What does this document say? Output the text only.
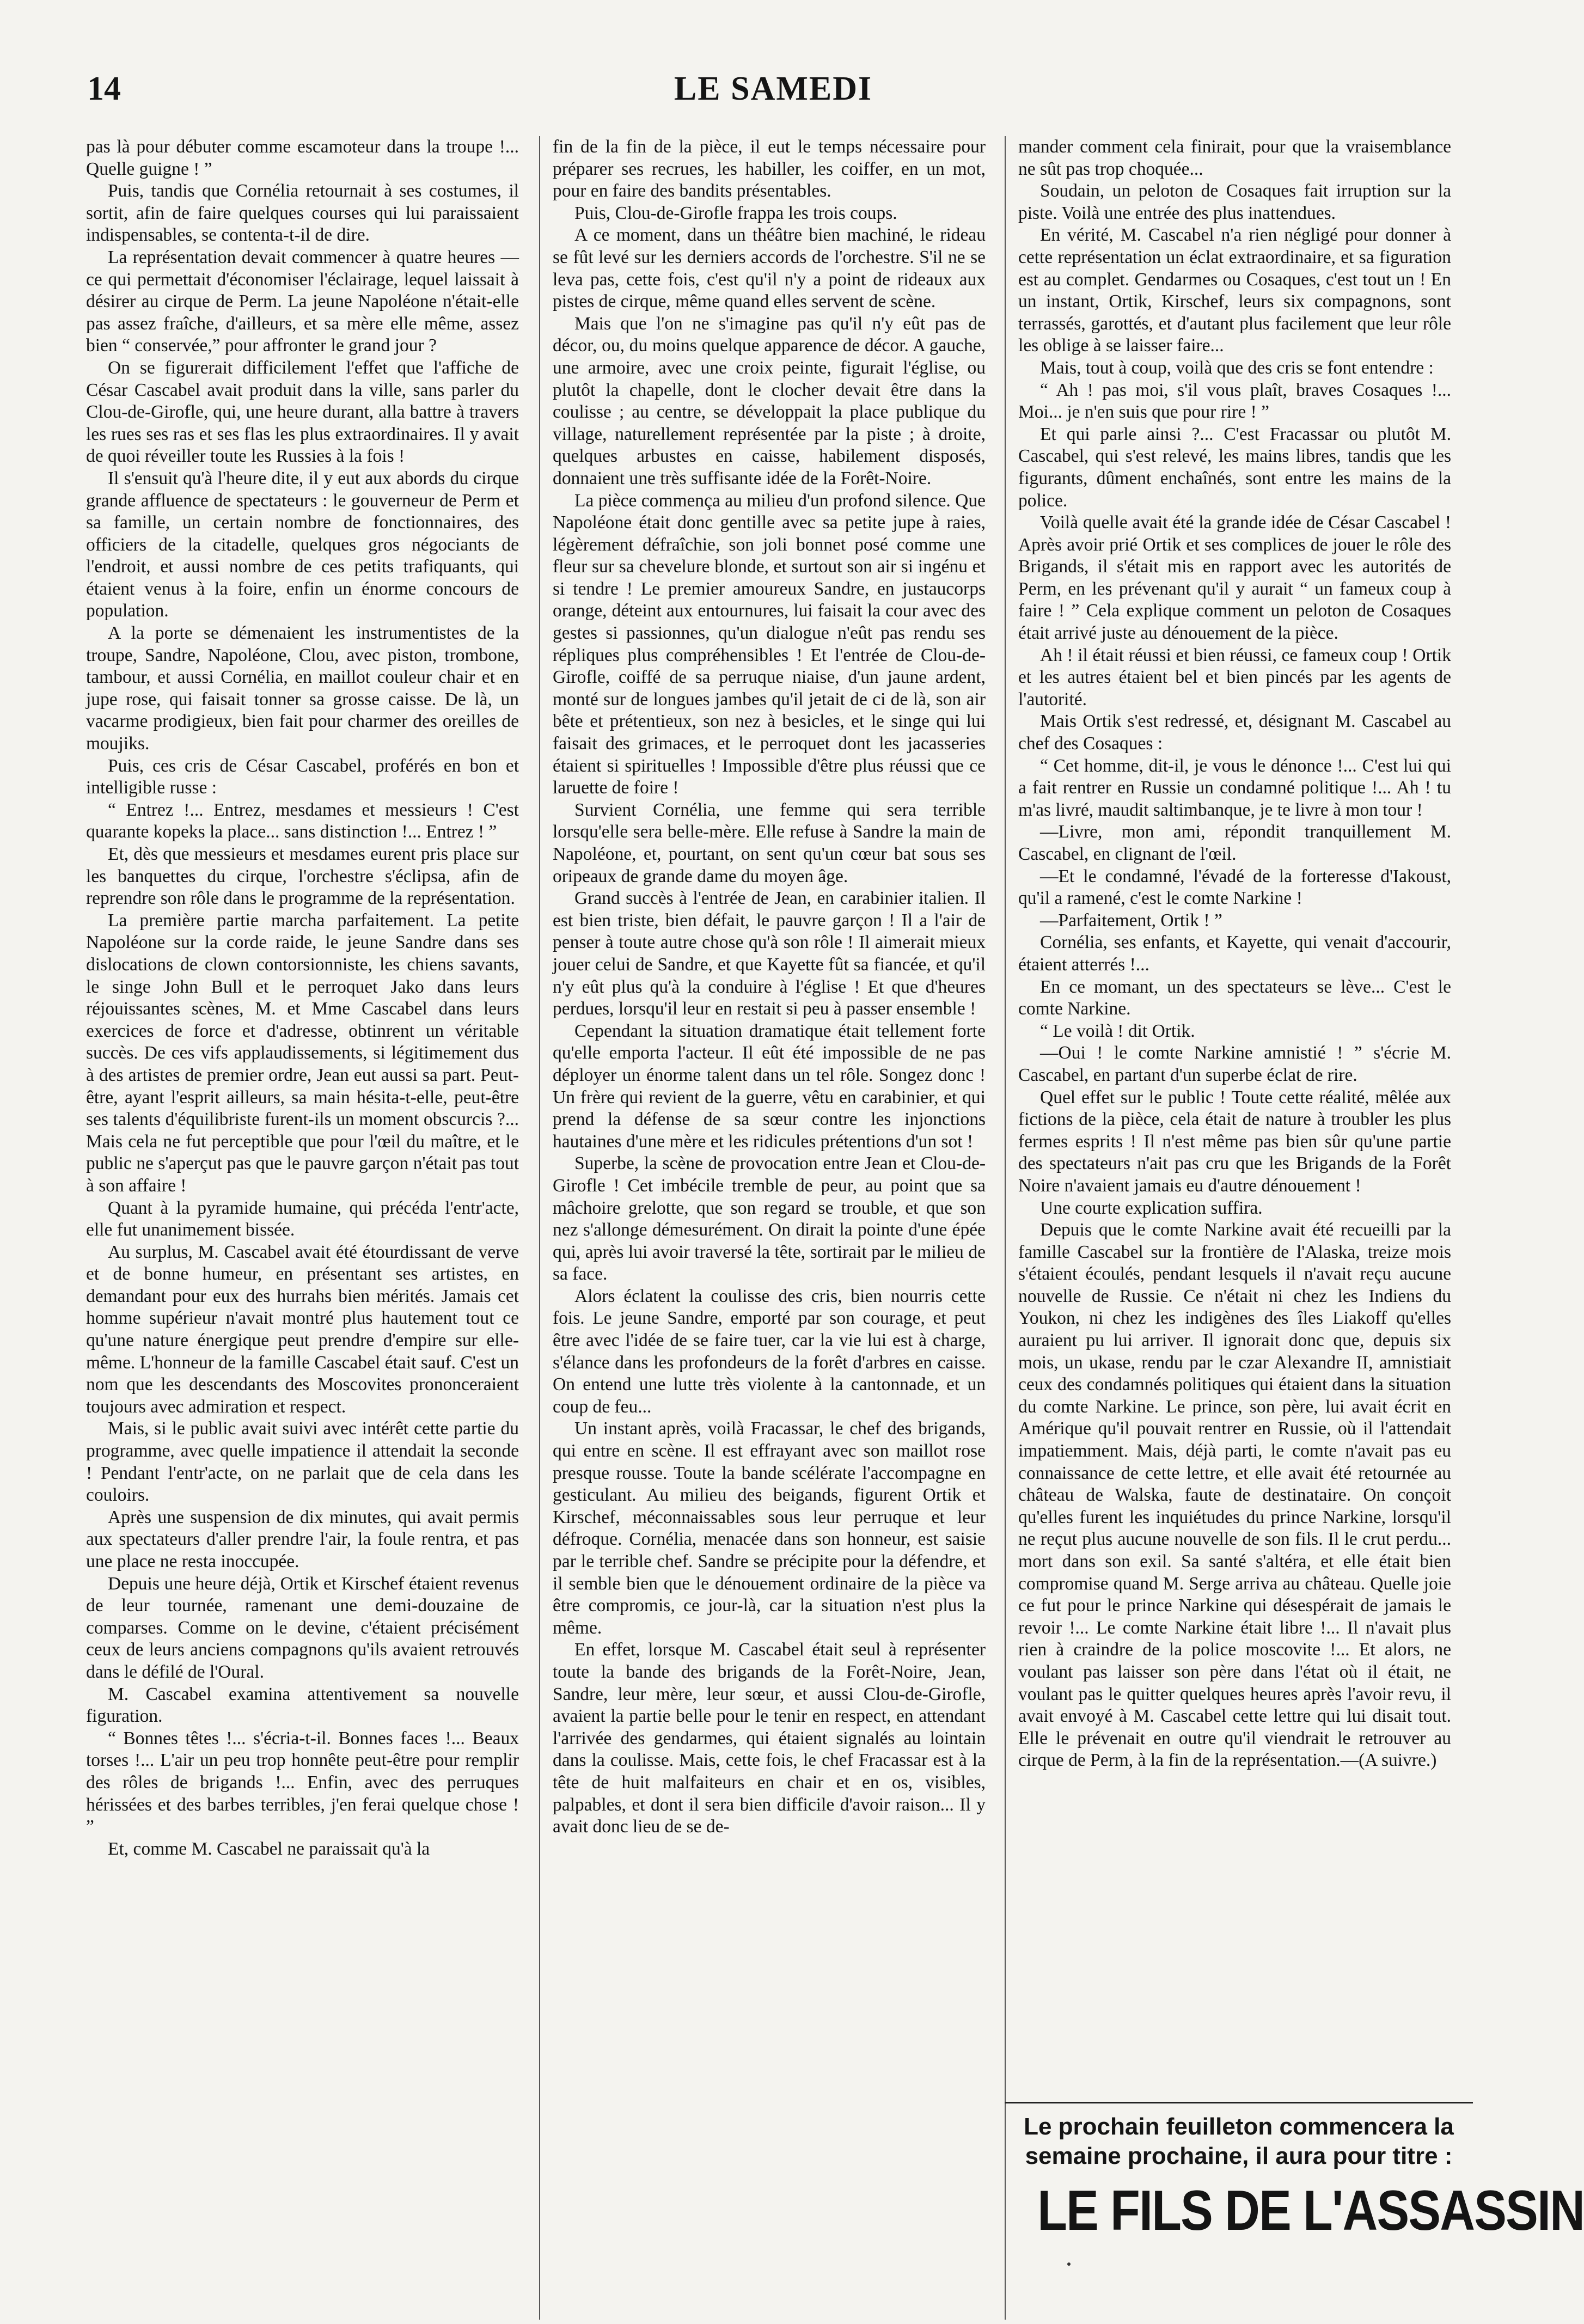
14	LE SAMEDI

pas là pour débuter comme escamoteur dans la troupe !... Quelle guigne ! ”

Puis, tandis que Cornélia retournait à ses costumes, il sortit, afin de faire quelques courses qui lui paraissaient indispensables, se contenta-t-il de dire.

La représentation devait commencer à quatre heures — ce qui permettait d'économiser l'éclairage, lequel laissait à désirer au cirque de Perm. La jeune Napoléone n'était-elle pas assez fraîche, d'ailleurs, et sa mère elle même, assez bien “ conservée,” pour affronter le grand jour ?

On se figurerait difficilement l'effet que l'affiche de César Cascabel avait produit dans la ville, sans parler du Clou-de-Girofle, qui, une heure durant, alla battre à travers les rues ses ras et ses flas les plus extraordinaires. Il y avait de quoi réveiller toute les Russies à la fois !

Il s'ensuit qu'à l'heure dite, il y eut aux abords du cirque grande affluence de spectateurs : le gouverneur de Perm et sa famille, un certain nombre de fonctionnaires, des officiers de la citadelle, quelques gros négociants de l'endroit, et aussi nombre de ces petits trafiquants, qui étaient venus à la foire, enfin un énorme concours de population.

A la porte se démenaient les instrumentistes de la troupe, Sandre, Napoléone, Clou, avec piston, trombone, tambour, et aussi Cornélia, en maillot couleur chair et en jupe rose, qui faisait tonner sa grosse caisse. De là, un vacarme prodigieux, bien fait pour charmer des oreilles de moujiks.

Puis, ces cris de César Cascabel, proférés en bon et intelligible russe :

“ Entrez !... Entrez, mesdames et messieurs ! C'est quarante kopeks la place... sans distinction !... Entrez ! ”

Et, dès que messieurs et mesdames eurent pris place sur les banquettes du cirque, l'orchestre s'éclipsa, afin de reprendre son rôle dans le programme de la représentation.

La première partie marcha parfaitement. La petite Napoléone sur la corde raide, le jeune Sandre dans ses dislocations de clown contorsionniste, les chiens savants, le singe John Bull et le perroquet Jako dans leurs réjouissantes scènes, M. et Mme Cascabel dans leurs exercices de force et d'adresse, obtinrent un véritable succès. De ces vifs applaudissements, si légitimement dus à des artistes de premier ordre, Jean eut aussi sa part. Peut-être, ayant l'esprit ailleurs, sa main hésita-t-elle, peut-être ses talents d'équilibriste furent-ils un moment obscurcis ?... Mais cela ne fut perceptible que pour l'œil du maître, et le public ne s'aperçut pas que le pauvre garçon n'était pas tout à son affaire !

Quant à la pyramide humaine, qui précéda l'entr'acte, elle fut unanimement bissée.

Au surplus, M. Cascabel avait été étourdissant de verve et de bonne humeur, en présentant ses artistes, en demandant pour eux des hurrahs bien mérités. Jamais cet homme supérieur n'avait montré plus hautement tout ce qu'une nature énergique peut prendre d'empire sur elle-même. L'honneur de la famille Cascabel était sauf. C'est un nom que les descendants des Moscovites prononceraient toujours avec admiration et respect.

Mais, si le public avait suivi avec intérêt cette partie du programme, avec quelle impatience il attendait la seconde ! Pendant l'entr'acte, on ne parlait que de cela dans les couloirs.

Après une suspension de dix minutes, qui avait permis aux spectateurs d'aller prendre l'air, la foule rentra, et pas une place ne resta inoccupée.

Depuis une heure déjà, Ortik et Kirschef étaient revenus de leur tournée, ramenant une demi-douzaine de comparses. Comme on le devine, c'étaient précisément ceux de leurs anciens compagnons qu'ils avaient retrouvés dans le défilé de l'Oural.

M. Cascabel examina attentivement sa nouvelle figuration.

“ Bonnes têtes !... s'écria-t-il. Bonnes faces !... Beaux torses !... L'air un peu trop honnête peut-être pour remplir des rôles de brigands !... Enfin, avec des perruques hérissées et des barbes terribles, j'en ferai quelque chose ! ”

Et, comme M. Cascabel ne paraissait qu'à la

fin de la fin de la pièce, il eut le temps nécessaire pour préparer ses recrues, les habiller, les coiffer, en un mot, pour en faire des bandits présentables.

Puis, Clou-de-Girofle frappa les trois coups.

A ce moment, dans un théâtre bien machiné, le rideau se fût levé sur les derniers accords de l'orchestre. S'il ne se leva pas, cette fois, c'est qu'il n'y a point de rideaux aux pistes de cirque, même quand elles servent de scène.

Mais que l'on ne s'imagine pas qu'il n'y eût pas de décor, ou, du moins quelque apparence de décor. A gauche, une armoire, avec une croix peinte, figurait l'église, ou plutôt la chapelle, dont le clocher devait être dans la coulisse ; au centre, se développait la place publique du village, naturellement représentée par la piste ; à droite, quelques arbustes en caisse, habilement disposés, donnaient une très suffisante idée de la Forêt-Noire.

La pièce commença au milieu d'un profond silence. Que Napoléone était donc gentille avec sa petite jupe à raies, légèrement défraîchie, son joli bonnet posé comme une fleur sur sa chevelure blonde, et surtout son air si ingénu et si tendre ! Le premier amoureux Sandre, en justaucorps orange, déteint aux entournures, lui faisait la cour avec des gestes si passionnes, qu'un dialogue n'eût pas rendu ses répliques plus compréhensibles ! Et l'entrée de Clou-de-Girofle, coiffé de sa perruque niaise, d'un jaune ardent, monté sur de longues jambes qu'il jetait de ci de là, son air bête et prétentieux, son nez à besicles, et le singe qui lui faisait des grimaces, et le perroquet dont les jacasseries étaient si spirituelles ! Impossible d'être plus réussi que ce laruette de foire !

Survient Cornélia, une femme qui sera terrible lorsqu'elle sera belle-mère. Elle refuse à Sandre la main de Napoléone, et, pourtant, on sent qu'un cœur bat sous ses oripeaux de grande dame du moyen âge.

Grand succès à l'entrée de Jean, en carabinier italien. Il est bien triste, bien défait, le pauvre garçon ! Il a l'air de penser à toute autre chose qu'à son rôle ! Il aimerait mieux jouer celui de Sandre, et que Kayette fût sa fiancée, et qu'il n'y eût plus qu'à la conduire à l'église ! Et que d'heures perdues, lorsqu'il leur en restait si peu à passer ensemble !

Cependant la situation dramatique était tellement forte qu'elle emporta l'acteur. Il eût été impossible de ne pas déployer un énorme talent dans un tel rôle. Songez donc ! Un frère qui revient de la guerre, vêtu en carabinier, et qui prend la défense de sa sœur contre les injonctions hautaines d'une mère et les ridicules prétentions d'un sot !

Superbe, la scène de provocation entre Jean et Clou-de-Girofle ! Cet imbécile tremble de peur, au point que sa mâchoire grelotte, que son regard se trouble, et que son nez s'allonge démesurément. On dirait la pointe d'une épée qui, après lui avoir traversé la tête, sortirait par le milieu de sa face.

Alors éclatent la coulisse des cris, bien nourris cette fois. Le jeune Sandre, emporté par son courage, et peut être avec l'idée de se faire tuer, car la vie lui est à charge, s'élance dans les profondeurs de la forêt d'arbres en caisse. On entend une lutte très violente à la cantonnade, et un coup de feu...

Un instant après, voilà Fracassar, le chef des brigands, qui entre en scène. Il est effrayant avec son maillot rose presque rousse. Toute la bande scélérate l'accompagne en gesticulant. Au milieu des beigands, figurent Ortik et Kirschef, méconnaissables sous leur perruque et leur défroque. Cornélia, menacée dans son honneur, est saisie par le terrible chef. Sandre se précipite pour la défendre, et il semble bien que le dénouement ordinaire de la pièce va être compromis, ce jour-là, car la situation n'est plus la même.

En effet, lorsque M. Cascabel était seul à représenter toute la bande des brigands de la Forêt-Noire, Jean, Sandre, leur mère, leur sœur, et aussi Clou-de-Girofle, avaient la partie belle pour le tenir en respect, en attendant l'arrivée des gendarmes, qui étaient signalés au lointain dans la coulisse. Mais, cette fois, le chef Fracassar est à la tête de huit malfaiteurs en chair et en os, visibles, palpables, et dont il sera bien difficile d'avoir raison... Il y avait donc lieu de se de-

mander comment cela finirait, pour que la vraisemblance ne sût pas trop choquée...

Soudain, un peloton de Cosaques fait irruption sur la piste. Voilà une entrée des plus inattendues.

En vérité, M. Cascabel n'a rien négligé pour donner à cette représentation un éclat extraordinaire, et sa figuration est au complet. Gendarmes ou Cosaques, c'est tout un ! En un instant, Ortik, Kirschef, leurs six compagnons, sont terrassés, garottés, et d'autant plus facilement que leur rôle les oblige à se laisser faire...

Mais, tout à coup, voilà que des cris se font entendre :

“ Ah ! pas moi, s'il vous plaît, braves Cosaques !... Moi... je n'en suis que pour rire ! ”

Et qui parle ainsi ?... C'est Fracassar ou plutôt M. Cascabel, qui s'est relevé, les mains libres, tandis que les figurants, dûment enchaînés, sont entre les mains de la police.

Voilà quelle avait été la grande idée de César Cascabel ! Après avoir prié Ortik et ses complices de jouer le rôle des Brigands, il s'était mis en rapport avec les autorités de Perm, en les prévenant qu'il y aurait “ un fameux coup à faire ! ” Cela explique comment un peloton de Cosaques était arrivé juste au dénouement de la pièce.

Ah ! il était réussi et bien réussi, ce fameux coup ! Ortik et les autres étaient bel et bien pincés par les agents de l'autorité.

Mais Ortik s'est redressé, et, désignant M. Cascabel au chef des Cosaques :

“ Cet homme, dit-il, je vous le dénonce !... C'est lui qui a fait rentrer en Russie un condamné politique !... Ah ! tu m'as livré, maudit saltimbanque, je te livre à mon tour !

—Livre, mon ami, répondit tranquillement M. Cascabel, en clignant de l'œil.

—Et le condamné, l'évadé de la forteresse d'Iakoust, qu'il a ramené, c'est le comte Narkine !

—Parfaitement, Ortik ! ”

Cornélia, ses enfants, et Kayette, qui venait d'accourir, étaient atterrés !...

En ce momant, un des spectateurs se lève... C'est le comte Narkine.

“ Le voilà ! dit Ortik.

—Oui ! le comte Narkine amnistié ! ” s'écrie M. Cascabel, en partant d'un superbe éclat de rire.

Quel effet sur le public ! Toute cette réalité, mêlée aux fictions de la pièce, cela était de nature à troubler les plus fermes esprits ! Il n'est même pas bien sûr qu'une partie des spectateurs n'ait pas cru que les Brigands de la Forêt Noire n'avaient jamais eu d'autre dénouement !

Une courte explication suffira.

Depuis que le comte Narkine avait été recueilli par la famille Cascabel sur la frontière de l'Alaska, treize mois s'étaient écoulés, pendant lesquels il n'avait reçu aucune nouvelle de Russie. Ce n'était ni chez les Indiens du Youkon, ni chez les indigènes des îles Liakoff qu'elles auraient pu lui arriver. Il ignorait donc que, depuis six mois, un ukase, rendu par le czar Alexandre II, amnistiait ceux des condamnés politiques qui étaient dans la situation du comte Narkine. Le prince, son père, lui avait écrit en Amérique qu'il pouvait rentrer en Russie, où il l'attendait impatiemment. Mais, déjà parti, le comte n'avait pas eu connaissance de cette lettre, et elle avait été retournée au château de Walska, faute de destinataire. On conçoit qu'elles furent les inquiétudes du prince Narkine, lorsqu'il ne reçut plus aucune nouvelle de son fils. Il le crut perdu... mort dans son exil. Sa santé s'altéra, et elle était bien compromise quand M. Serge arriva au château. Quelle joie ce fut pour le prince Narkine qui désespérait de jamais le revoir !... Le comte Narkine était libre !... Il n'avait plus rien à craindre de la police moscovite !... Et alors, ne voulant pas laisser son père dans l'état où il était, ne voulant pas le quitter quelques heures après l'avoir revu, il avait envoyé à M. Cascabel cette lettre qui lui disait tout. Elle le prévenait en outre qu'il viendrait le retrouver au cirque de Perm, à la fin de la représentation.—(A suivre.)

Le prochain feuilleton commencera la semaine prochaine, il aura pour titre :
LE FILS DE L'ASSASSIN
